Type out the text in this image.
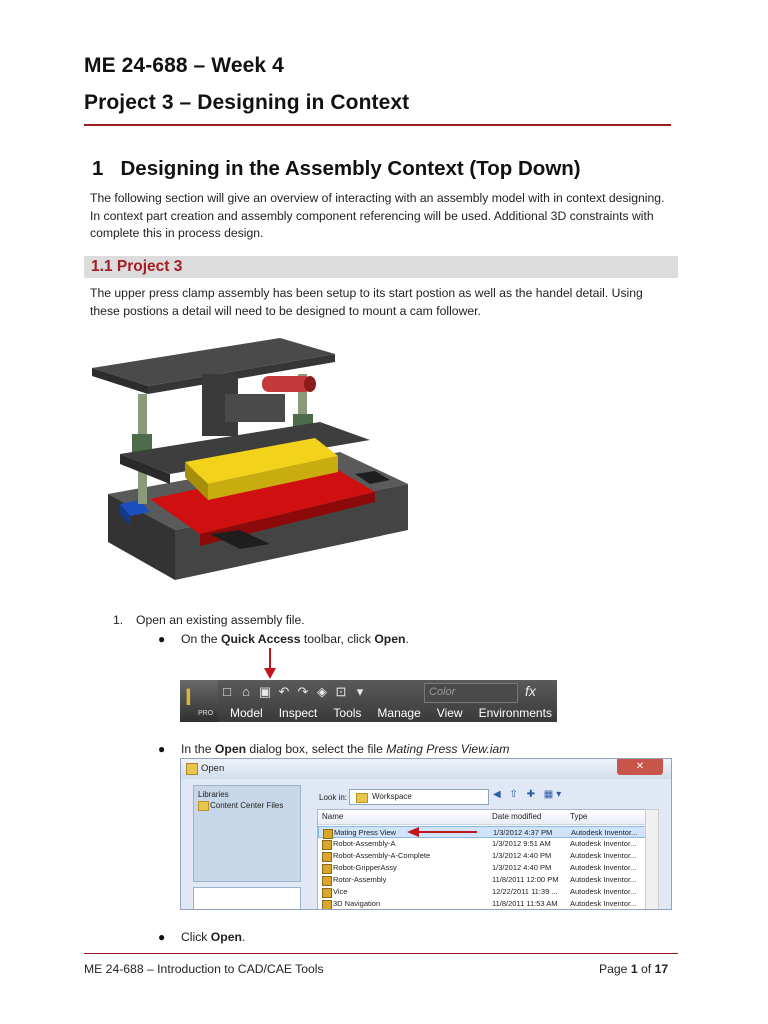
ME 24-688 – Week 4
Project 3 – Designing in Context
1 Designing in the Assembly Context (Top Down)
The following section will give an overview of interacting with an assembly model with in context designing. In context part creation and assembly component referencing will be used. Additional 3D constraints with complete this in process design.
1.1 Project 3
The upper press clamp assembly has been setup to its start postion as well as the handel detail. Using these postions a detail will need to be designed to mount a cam follower.
1. Open an existing assembly file.
● On the Quick Access toolbar, click Open.
I
PRO
□ ⌂ ▣ ↶ ↷ ◈ ⊡ ▾	Color	fx
Model Inspect Tools Manage View Environments
● In the Open dialog box, select the file Mating Press View.iam
Open	✕
Libraries
Content Center Files
Look in:	Workspace	◀ ⇧ ✚ ▦▾
Name	Date modified	Type
Mating Press View	1/3/2012 4:37 PM	Autodesk Inventor...
Robot-Assembly-A	1/3/2012 9:51 AM	Autodesk Inventor...
Robot-Assembly-A-Complete	1/3/2012 4:40 PM	Autodesk Inventor...
Robot-GripperAssy	1/3/2012 4:40 PM	Autodesk Inventor...
Rotor-Assembly	11/8/2011 12:00 PM Autodesk Inventor...
Vice	12/22/2011 11:39 ... Autodesk Inventor...
3D Navigation	11/8/2011 11:53 AM Autodesk Inventor...
● Click Open.
ME 24-688 – Introduction to CAD/CAE Tools	Page 1 of 17
